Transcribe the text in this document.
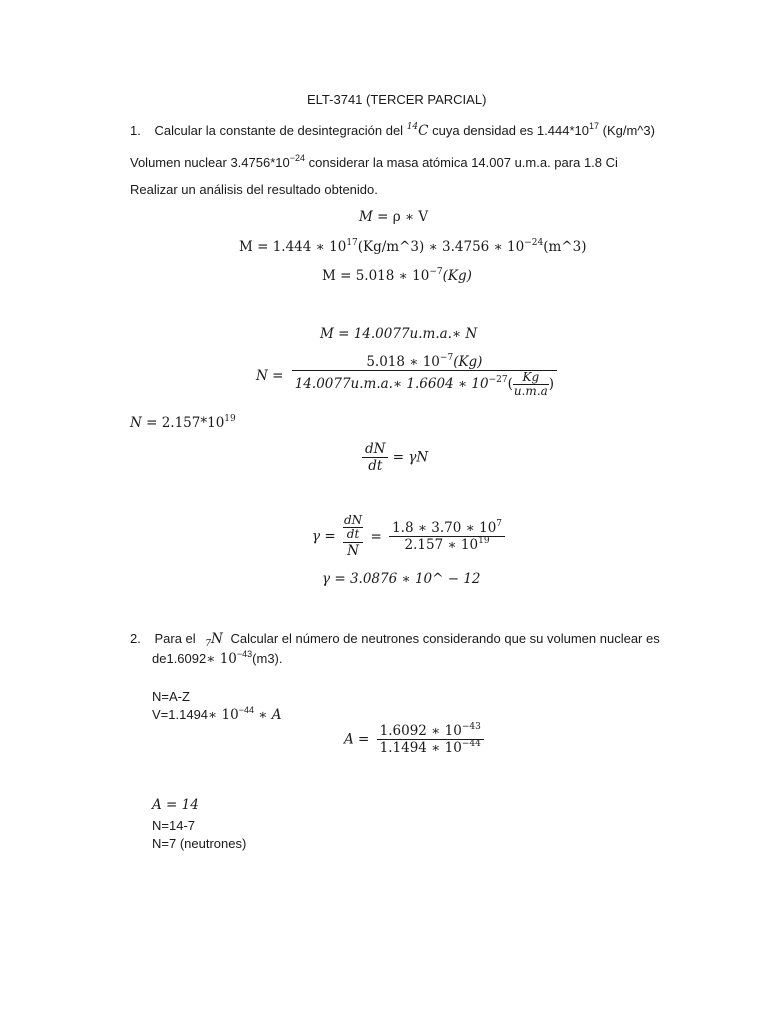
ELT-3741 (TERCER PARCIAL)
1. Calcular la constante de desintegración del $^{14}$C cuya densidad es $1.444*10^{17}$ (Kg/m^3)
Volumen nuclear $3.4756*10^{-24}$ considerar la masa atómica 14.007 u.m.a. para 1.8 Ci
Realizar un análisis del resultado obtenido.
M = ρ ∗ V
M = 1.444 ∗ $10^{17}(Kg/m\^{}3)$ ∗ 3.4756 ∗ $10^{-24}(m\^{}3)$
M = 5.018 ∗ $10^{-7}(Kg)$
M = 14.0077u.m.a.∗ N
$N = \frac{5.018 ∗ 10^{-7}(Kg)}{14.0077u.m.a.∗ 1.6604 ∗ 10^{-27}( \frac{Kg}{u.m.a} )}$
$N = 2.157*10^{19}$
$\frac{dN}{dt} = \gamma N$
$\gamma = \frac{\frac{dN}{dt}}{N} = \frac{1.8 ∗ 3.70 ∗ 10^7}{2.157 ∗ 10^{19}}$
γ = 3.0876 ∗ 10^ − 12
2. Para el $_7$N Calcular el número de neutrones considerando que su volumen nuclear es
de1.6092∗ $10^{-43}(m3)$.
N=A-Z
V=1.1494∗ $10^{-44}$ ∗ A
$A = \frac{1.6092 ∗ 10^{-43}}{1.1494 ∗ 10^{-44}}$
A = 14
N=14-7
N=7 (neutrones)
